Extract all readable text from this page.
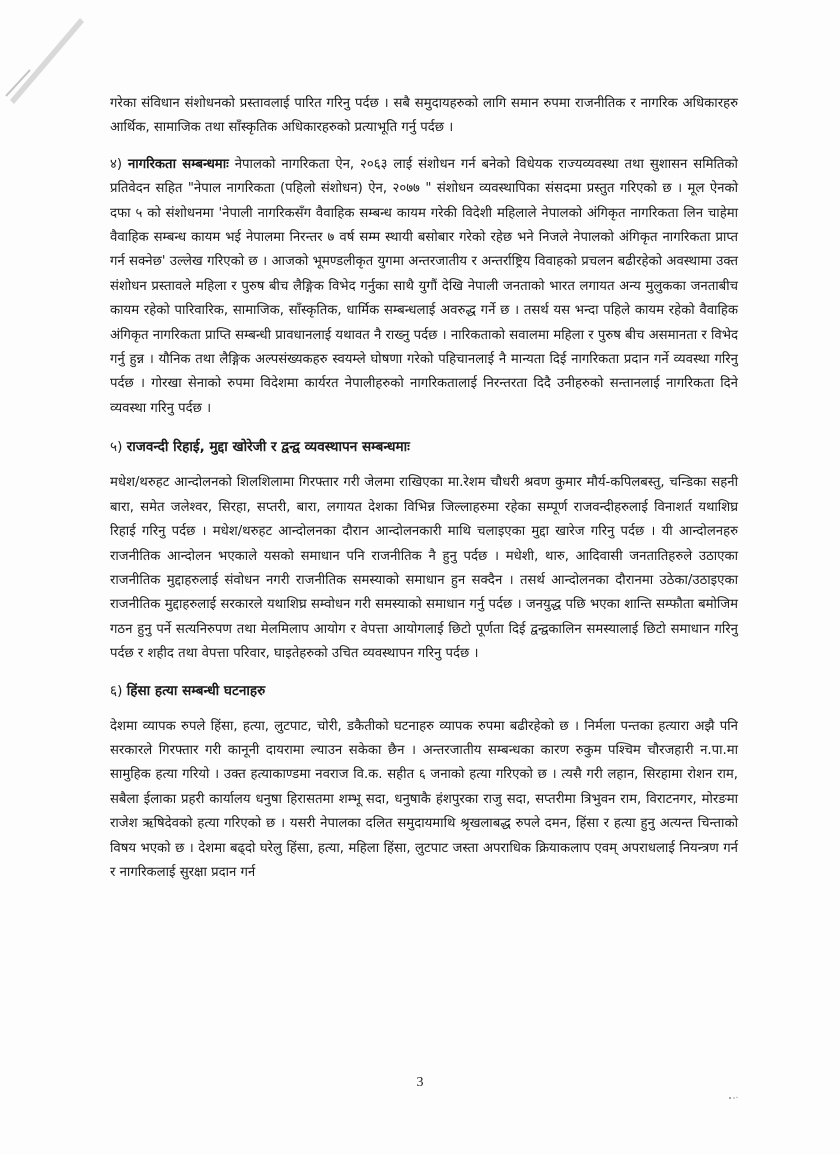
गरेका संविधान संशोधनको प्रस्तावलाई पारित गरिनु पर्दछ । सबै समुदायहरुको लागि समान रुपमा राजनीतिक र नागरिक अधिकारहरु आर्थिक, सामाजिक तथा साँस्कृतिक अधिकारहरुको प्रत्याभूति गर्नु पर्दछ ।

४) नागरिकता सम्बन्धमाः नेपालको नागरिकता ऐन, २०६३ लाई संशोधन गर्न बनेको विधेयक राज्यव्यवस्था तथा सुशासन समितिको प्रतिवेदन सहित "नेपाल नागरिकता (पहिलो संशोधन) ऐन, २०७७ " संशोधन व्यवस्थापिका संसदमा प्रस्तुत गरिएको छ । मूल ऐनको दफा ५ को संशोधनमा 'नेपाली नागरिकसँग वैवाहिक सम्बन्ध कायम गरेकी विदेशी महिलाले नेपालको अंगिकृत नागरिकता लिन चाहेमा वैवाहिक सम्बन्ध कायम भई नेपालमा निरन्तर ७ वर्ष सम्म स्थायी बसोबार गरेको रहेछ भने निजले नेपालको अंगिकृत नागरिकता प्राप्त गर्न सक्नेछ' उल्लेख गरिएको छ । आजको भूमण्डलीकृत युगमा अन्तरजातीय र अन्तर्राष्ट्रिय विवाहको प्रचलन बढीरहेको अवस्थामा उक्त संशोधन प्रस्तावले महिला र पुरुष बीच लैङ्गिक विभेद गर्नुका साथै युगौं देखि नेपाली जनताको भारत लगायत अन्य मुलुकका जनताबीच कायम रहेको पारिवारिक, सामाजिक, साँस्कृतिक, धार्मिक सम्बन्धलाई अवरुद्ध गर्ने छ । तसर्थ यस भन्दा पहिले कायम रहेको वैवाहिक अंगिकृत नागरिकता प्राप्ति सम्बन्धी प्रावधानलाई यथावत नै राख्नु पर्दछ । नारिकताको सवालमा महिला र पुरुष बीच असमानता र विभेद गर्नु हुन्न । यौनिक तथा लैङ्गिक अल्पसंख्यकहरु स्वयम्ले घोषणा गरेको पहिचानलाई नै मान्यता दिई नागरिकता प्रदान गर्ने व्यवस्था गरिनु पर्दछ । गोरखा सेनाको रुपमा विदेशमा कार्यरत नेपालीहरुको नागरिकतालाई निरन्तरता दिदै उनीहरुको सन्तानलाई नागरिकता दिने व्यवस्था गरिनु पर्दछ ।

५) राजवन्दी रिहाई, मुद्दा खोरेजी र द्वन्द्व व्यवस्थापन सम्बन्धमाः

मधेश/थरुहट आन्दोलनको शिलशिलामा गिरफ्तार गरी जेलमा राखिएका मा.रेशम चौधरी श्रवण कुमार मौर्य-कपिलबस्तु, चन्डिका सहनी बारा, समेत जलेश्वर, सिरहा, सप्तरी, बारा, लगायत देशका विभिन्न जिल्लाहरुमा रहेका सम्पूर्ण राजवन्दीहरुलाई विनाशर्त यथाशिघ्र रिहाई गरिनु पर्दछ । मधेश/थरुहट आन्दोलनका दौरान आन्दोलनकारी माथि चलाइएका मुद्दा खारेज गरिनु पर्दछ । यी आन्दोलनहरु राजनीतिक आन्दोलन भएकाले यसको समाधान पनि राजनीतिक नै हुनु पर्दछ । मधेशी, थारु, आदिवासी जनतातिहरुले उठाएका राजनीतिक मुद्दाहरुलाई संवोधन नगरी राजनीतिक समस्याको समाधान हुन सक्दैन । तसर्थ आन्दोलनका दौरानमा उठेका/उठाइएका राजनीतिक मुद्दाहरुलाई सरकारले यथाशिघ्र सम्वोधन गरी समस्याको समाधान गर्नु पर्दछ । जनयुद्ध पछि भएका शान्ति सम्फौता बमोजिम गठन हुनु पर्ने सत्यनिरुपण तथा मेलमिलाप आयोग र वेपत्ता आयोगलाई छिटो पूर्णता दिई द्वन्द्वकालिन समस्यालाई छिटो समाधान गरिनु पर्दछ र शहीद तथा वेपत्ता परिवार, घाइतेहरुको उचित व्यवस्थापन गरिनु पर्दछ ।

६) हिंसा हत्या सम्बन्धी घटनाहरु

देशमा व्यापक रुपले हिंसा, हत्या, लुटपाट, चोरी, डकैतीको घटनाहरु व्यापक रुपमा बढीरहेको छ । निर्मला पन्तका हत्यारा अझै पनि सरकारले गिरफ्तार गरी कानूनी दायरामा ल्याउन सकेका छैन । अन्तरजातीय सम्बन्धका कारण रुकुम पश्चिम चौरजहारी न.पा.मा सामुहिक हत्या गरियो । उक्त हत्याकाण्डमा नवराज वि.क. सहीत ६ जनाको हत्या गरिएको छ । त्यसै गरी लहान, सिरहामा रोशन राम, सबैला ईलाका प्रहरी कार्यालय धनुषा हिरासतमा शम्भू सदा, धनुषाकै हंशपुरका राजु सदा, सप्तरीमा त्रिभुवन राम, विराटनगर, मोरङमा राजेश ऋषिदेवको हत्या गरिएको छ । यसरी नेपालका दलित समुदायमाथि श्रृखलाबद्ध रुपले दमन, हिंसा र हत्या हुनु अत्यन्त चिन्ताको विषय भएको छ । देशमा बढ्दो घरेलु हिंसा, हत्या, महिला हिंसा, लुटपाट जस्ता अपराधिक क्रियाकलाप एवम् अपराधलाई नियन्त्रण गर्न र नागरिकलाई सुरक्षा प्रदान गर्न

3
